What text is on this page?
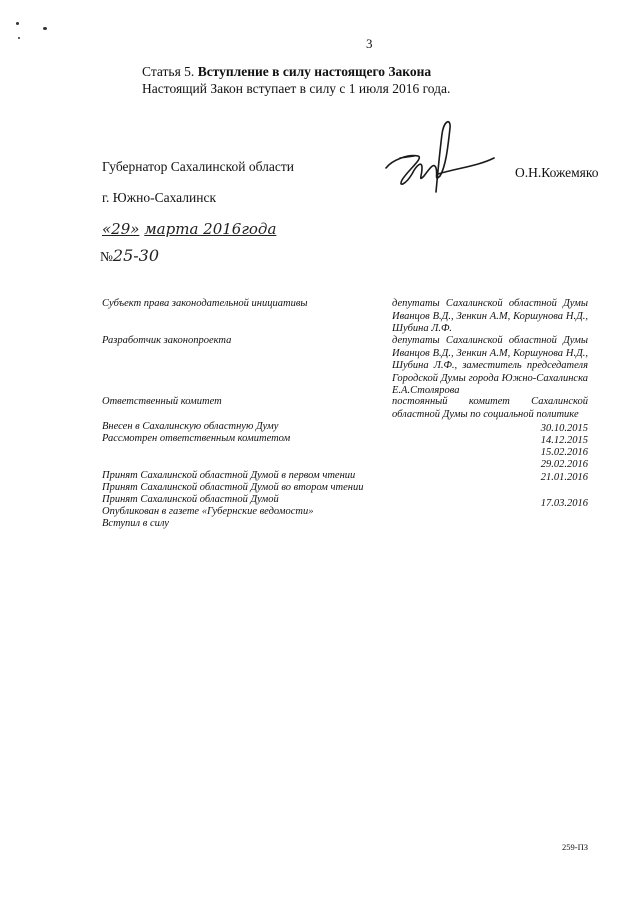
3
Статья 5. Вступление в силу настоящего Закона
Настоящий Закон вступает в силу с 1 июля 2016 года.
Губернатор Сахалинской области	О.Н.Кожемяко
г. Южно-Сахалинск
«29» марта 2016года
№25-30
Субъект права законодательной инициативы	депутаты Сахалинской областной Думы Иванцов В.Д., Зенкин А.М, Коршунова Н.Д., Шубина Л.Ф.
Разработчик законопроекта	депутаты Сахалинской областной Думы Иванцов В.Д., Зенкин А.М, Коршунова Н.Д., Шубина Л.Ф., заместитель председателя Городской Думы города Южно-Сахалинска Е.А.Столярова
Ответственный комитет	постоянный комитет Сахалинской областной Думы по социальной политике
Внесен в Сахалинскую областную Думу	30.10.2015
Рассмотрен ответственным комитетом	14.12.2015
15.02.2016
29.02.2016
Принят Сахалинской областной Думой в первом чтении	21.01.2016
Принят Сахалинской областной Думой во втором чтении
Принят Сахалинской областной Думой	17.03.2016
Опубликован в газете «Губернские ведомости»
Вступил в силу
259-ПЗ
